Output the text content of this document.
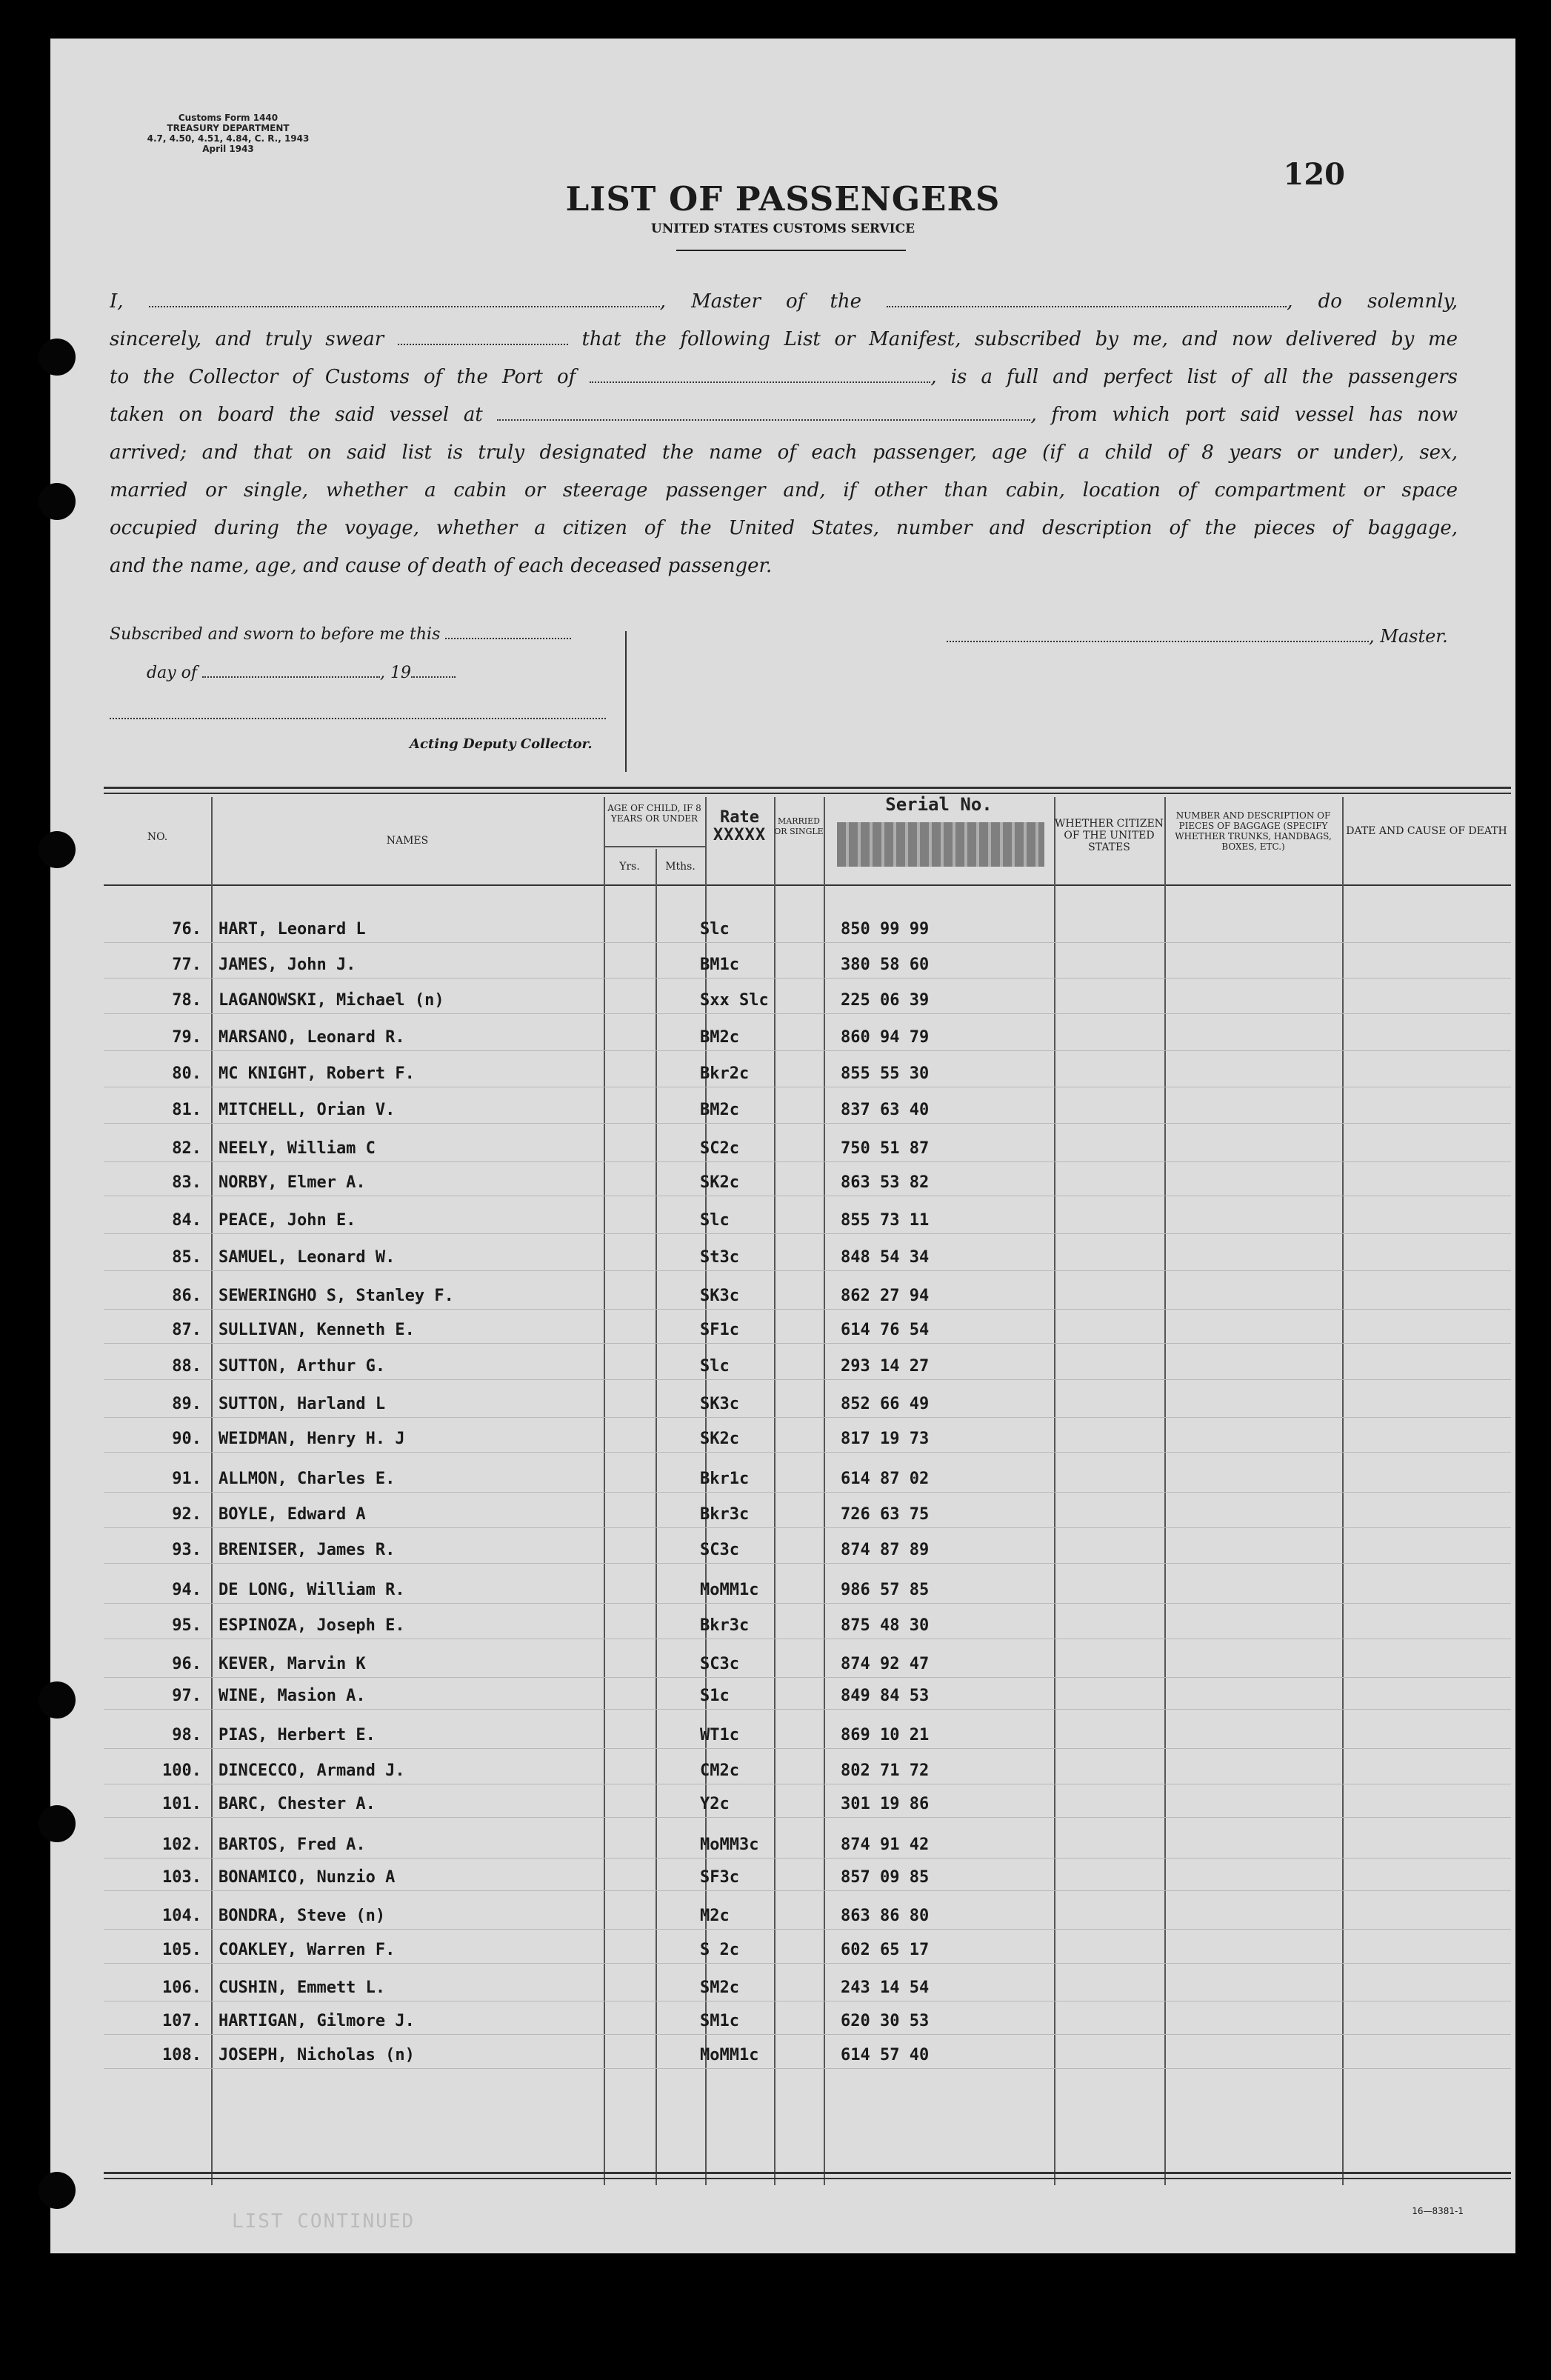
Customs Form 1440
TREASURY DEPARTMENT
4.7, 4.50, 4.51, 4.84, C. R., 1943
April 1943
120
LIST OF PASSENGERS
UNITED STATES CUSTOMS SERVICE

I,	, Master of the	, do solemnly,

sincerely, and truly swear	that the following List or Manifest, subscribed by me, and now delivered by me

to the Collector of Customs of the Port of	, is a full and perfect list of all the passengers

taken on board the said vessel at	, from which port said vessel has now

arrived; and that on said list is truly designated the name of each passenger, age (if a child of 8 years or under), sex,

married or single, whether a cabin or steerage passenger and, if other than cabin, location of compartment or space

occupied during the voyage, whether a citizen of the United States, number and description of the pieces of baggage,

and the name, age, and cause of death of each deceased passenger.

Subscribed and sworn to before me this
day of	, 19
Acting Deputy Collector.
, Master.
NO.	NAMES
AGE OF CHILD, IF 8 YEARS OR UNDER
Yrs.	Mths.
Rate
XXXXX
MARRIED OR SINGLE
Serial No.
WHETHER CITIZEN OF THE UNITED STATES
NUMBER AND DESCRIPTION OF PIECES OF BAGGAGE (SPECIFY WHETHER TRUNKS, HANDBAGS, BOXES, ETC.)
DATE AND CAUSE OF DEATH
76. HART, Leonard L	Slc	850 99 99
77. JAMES, John J.	BM1c	380 58 60
78. LAGANOWSKI, Michael (n)	Sxx Slc	225 06 39
79. MARSANO, Leonard R.	BM2c	860 94 79
80. MC KNIGHT, Robert F.	Bkr2c	855 55 30
81. MITCHELL, Orian V.	BM2c	837 63 40
82. NEELY, William C	SC2c	750 51 87
83. NORBY, Elmer A.	SK2c	863 53 82
84. PEACE, John E.	Slc	855 73 11
85. SAMUEL, Leonard W.	St3c	848 54 34
86. SEWERINGHO S, Stanley F.	SK3c	862 27 94
87. SULLIVAN, Kenneth E.	SF1c	614 76 54
88. SUTTON, Arthur G.	Slc	293 14 27
89. SUTTON, Harland L	SK3c	852 66 49
90. WEIDMAN, Henry H. J	SK2c	817 19 73
91. ALLMON, Charles E.	Bkr1c	614 87 02
92. BOYLE, Edward A	Bkr3c	726 63 75
93. BRENISER, James R.	SC3c	874 87 89
94. DE LONG, William R.	MoMM1c	986 57 85
95. ESPINOZA, Joseph E.	Bkr3c	875 48 30
96. KEVER, Marvin K	SC3c	874 92 47
97. WINE, Masion A.	S1c	849 84 53
98. PIAS, Herbert E.	WT1c	869 10 21
100. DINCECCO, Armand J.	CM2c	802 71 72
101. BARC, Chester A.	Y2c	301 19 86
102. BARTOS, Fred A.	MoMM3c	874 91 42
103. BONAMICO, Nunzio A	SF3c	857 09 85
104. BONDRA, Steve (n)	M2c	863 86 80
105. COAKLEY, Warren F.	S 2c	602 65 17
106. CUSHIN, Emmett L.	SM2c	243 14 54
107. HARTIGAN, Gilmore J.	SM1c	620 30 53
108. JOSEPH, Nicholas (n)	MoMM1c	614 57 40
LIST CONTINUED	16—8381-1
